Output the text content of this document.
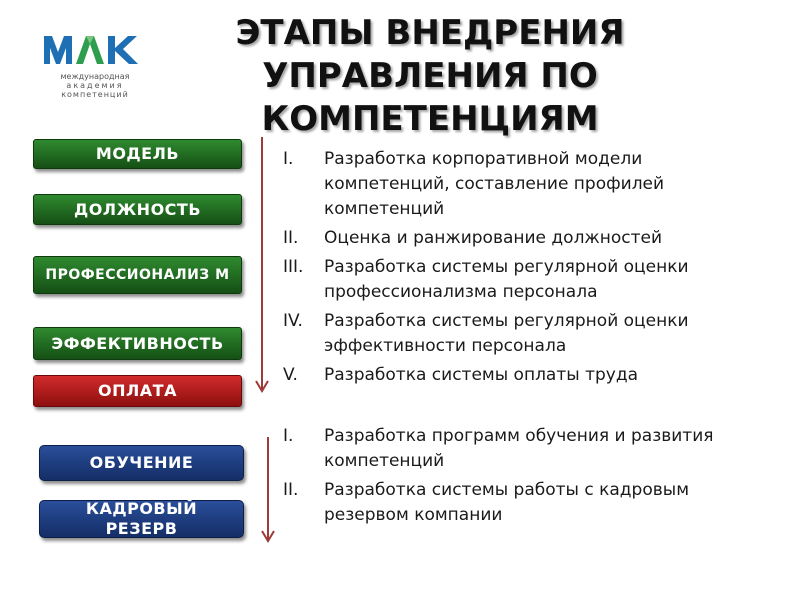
международная
академия
компетенций
ЭТАПЫ ВНЕДРЕНИЯ УПРАВЛЕНИЯ ПО КОМПЕТЕНЦИЯМ
МОДЕЛЬ
ДОЛЖНОСТЬ
ПРОФЕССИОНАЛИЗ М
ЭФФЕКТИВНОСТЬ
ОПЛАТА
ОБУЧЕНИЕ
КАДРОВЫЙ РЕЗЕРВ
I.	Разработка корпоративной модели компетенций, составление профилей компетенций
II.	Оценка и ранжирование должностей
III.	Разработка системы регулярной оценки профессионализма персонала
IV.	Разработка системы регулярной оценки эффективности персонала
V.	Разработка системы оплаты труда
I.	Разработка программ обучения и развития компетенций
II.	Разработка системы работы с кадровым резервом компании
